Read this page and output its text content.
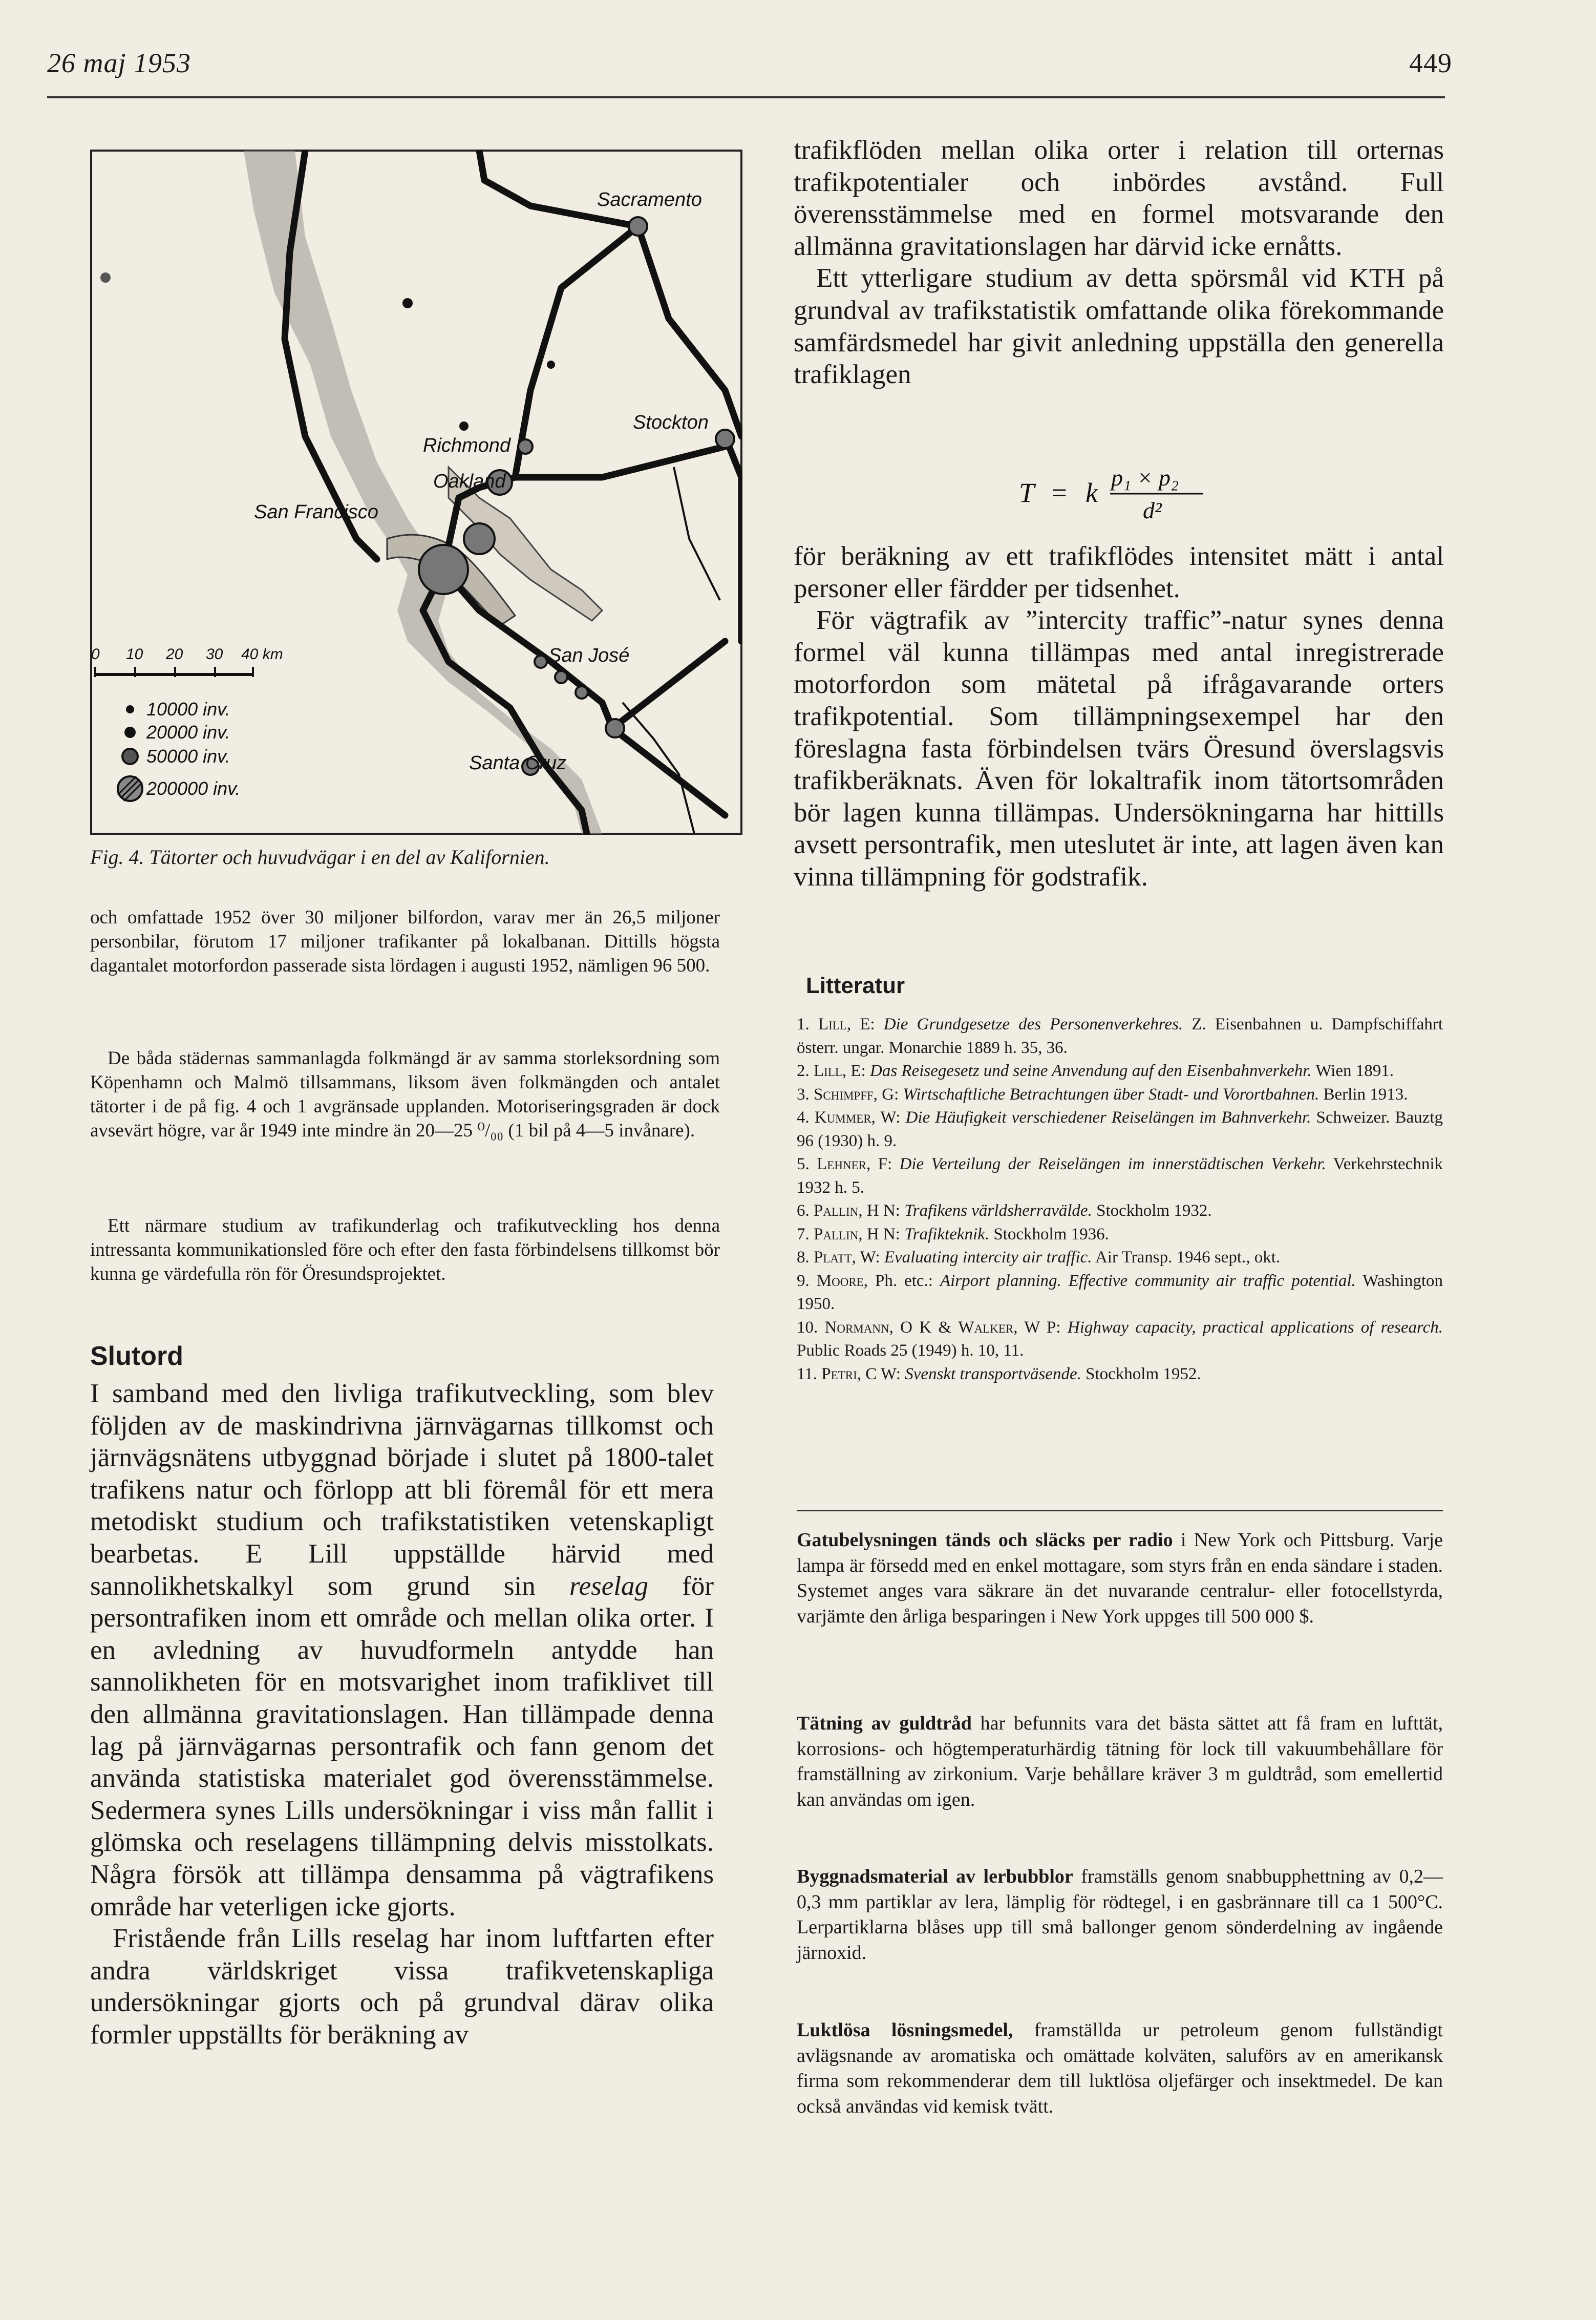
26 maj 1953	449
Sacramento
Stockton
Richmond
Oakland
San Francisco
San José
Santa Cruz
0 10 20 30 40 km
10000 inv.
20000 inv.
50000 inv.
200000 inv.
Fig. 4. Tätorter och huvudvägar i en del av Kalifornien.

och omfattade 1952 över 30 miljoner bilfordon, varav mer än 26,5 miljoner personbilar, förutom 17 miljoner trafikanter på lokalbanan. Dittills högsta dagantalet motorfordon passerade sista lördagen i augusti 1952, nämligen 96 500.

De båda städernas sammanlagda folkmängd är av samma storleksordning som Köpenhamn och Malmö tillsammans, liksom även folkmängden och antalet tätorter i de på fig. 4 och 1 avgränsade upplanden. Motoriseringsgraden är dock avsevärt högre, var år 1949 inte mindre än 20—25 ⁰/₀₀ (1 bil på 4—5 invånare).

Ett närmare studium av trafikunderlag och trafikutveckling hos denna intressanta kommunikationsled före och efter den fasta förbindelsens tillkomst bör kunna ge värdefulla rön för Öresundsprojektet.

Slutord

I samband med den livliga trafikutveckling, som blev följden av de maskindrivna järnvägarnas tillkomst och järnvägsnätens utbyggnad började i slutet på 1800-talet trafikens natur och förlopp att bli föremål för ett mera metodiskt studium och trafikstatistiken vetenskapligt bearbetas. E Lill uppställde härvid med sannolikhetskalkyl som grund sin reselag för persontrafiken inom ett område och mellan olika orter. I en avledning av huvudformeln antydde han sannolikheten för en motsvarighet inom trafiklivet till den allmänna gravitationslagen. Han tillämpade denna lag på järnvägarnas persontrafik och fann genom det använda statistiska materialet god överensstämmelse. Sedermera synes Lills undersökningar i viss mån fallit i glömska och reselagens tillämpning delvis misstolkats. Några försök att tillämpa densamma på vägtrafikens område har veterligen icke gjorts.

Fristående från Lills reselag har inom luftfarten efter andra världskriget vissa trafikvetenskapliga undersökningar gjorts och på grundval därav olika formler uppställts för beräkning av

trafikflöden mellan olika orter i relation till orternas trafikpotentialer och inbördes avstånd. Full överensstämmelse med en formel motsvarande den allmänna gravitationslagen har därvid icke ernåtts.

Ett ytterligare studium av detta spörsmål vid KTH på grundval av trafikstatistik omfattande olika förekommande samfärdsmedel har givit anledning uppställa den generella trafiklagen

T = k p₁ × p₂
d²

för beräkning av ett trafikflödes intensitet mätt i antal personer eller färdder per tidsenhet.

För vägtrafik av ”intercity traffic”-natur synes denna formel väl kunna tillämpas med antal inregistrerade motorfordon som mätetal på ifrågavarande orters trafikpotential. Som tillämpningsexempel har den föreslagna fasta förbindelsen tvärs Öresund överslagsvis trafikberäknats. Även för lokaltrafik inom tätortsområden bör lagen kunna tillämpas. Undersökningarna har hittills avsett persontrafik, men uteslutet är inte, att lagen även kan vinna tillämpning för godstrafik.

Litteratur
1. Lill, E: Die Grundgesetze des Personenverkehres. Z. Eisenbahnen u. Dampfschiffahrt österr. ungar. Monarchie 1889 h. 35, 36.
2. Lill, E: Das Reisegesetz und seine Anvendung auf den Eisenbahnverkehr. Wien 1891.
3. Schimpff, G: Wirtschaftliche Betrachtungen über Stadt- und Vorortbahnen. Berlin 1913.
4. Kummer, W: Die Häufigkeit verschiedener Reiselängen im Bahnverkehr. Schweizer. Bauztg 96 (1930) h. 9.
5. Lehner, F: Die Verteilung der Reiselängen im innerstädtischen Verkehr. Verkehrstechnik 1932 h. 5.
6. Pallin, H N: Trafikens världsherravälde. Stockholm 1932.
7. Pallin, H N: Trafikteknik. Stockholm 1936.
8. Platt, W: Evaluating intercity air traffic. Air Transp. 1946 sept., okt.
9. Moore, Ph. etc.: Airport planning. Effective community air traffic potential. Washington 1950.
10. Normann, O K & Walker, W P: Highway capacity, practical applications of research. Public Roads 25 (1949) h. 10, 11.
11. Petri, C W: Svenskt transportväsende. Stockholm 1952.

Gatubelysningen tänds och släcks per radio i New York och Pittsburg. Varje lampa är försedd med en enkel mottagare, som styrs från en enda sändare i staden. Systemet anges vara säkrare än det nuvarande centralur- eller fotocellstyrda, varjämte den årliga besparingen i New York uppges till 500 000 $.

Tätning av guldtråd har befunnits vara det bästa sättet att få fram en lufttät, korrosions- och högtemperaturhärdig tätning för lock till vakuumbehållare för framställning av zirkonium. Varje behållare kräver 3 m guldtråd, som emellertid kan användas om igen.

Byggnadsmaterial av lerbubblor framställs genom snabbupphettning av 0,2—0,3 mm partiklar av lera, lämplig för rödtegel, i en gasbrännare till ca 1 500°C. Lerpartiklarna blåses upp till små ballonger genom sönderdelning av ingående järnoxid.

Luktlösa lösningsmedel, framställda ur petroleum genom fullständigt avlägsnande av aromatiska och omättade kolväten, saluförs av en amerikansk firma som rekommenderar dem till luktlösa oljefärger och insektmedel. De kan också användas vid kemisk tvätt.
